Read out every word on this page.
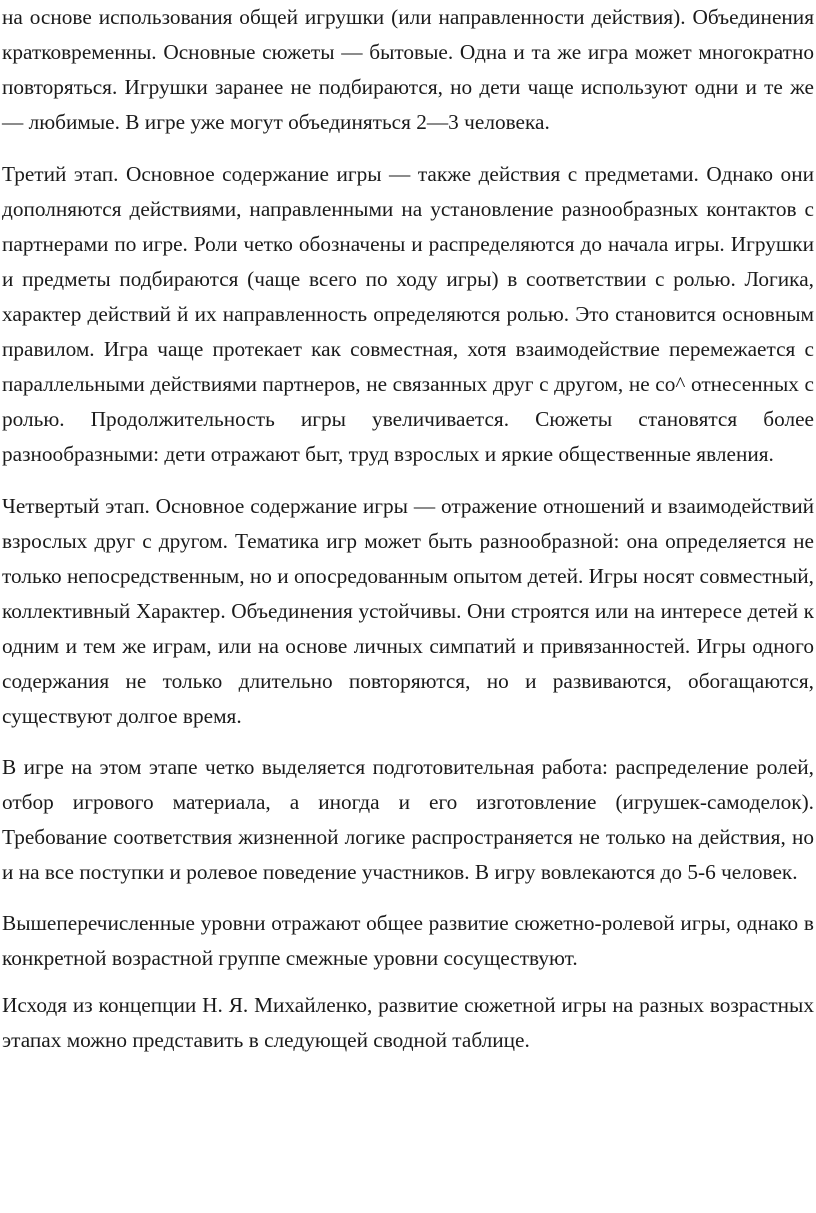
на основе использования общей игрушки (или направленности действия). Объединения кратковременны. Основные сюжеты — бытовые. Одна и та же игра может многократно повторяться. Игрушки заранее не подбираются, но дети чаще используют одни и те же — любимые. В игре уже могут объединяться 2—3 человека.

Третий этап. Основное содержание игры — также действия с предметами. Однако они дополняются действиями, направленными на установление разнообразных контактов с партнерами по игре. Роли четко обозначены и распределяются до начала игры. Игрушки и предметы подбираются (чаще всего по ходу игры) в соответствии с ролью. Логика, характер действий й их направленность определяются ролью. Это становится основным правилом. Игра чаще протекает как совместная, хотя взаимодействие перемежается с параллельными действиями партнеров, не связанных друг с другом, не со^ отнесенных с ролью. Продолжительность игры увеличивается. Сюжеты становятся более разнообразными: дети отражают быт, труд взрослых и яркие общественные явления.

Четвертый этап. Основное содержание игры — отражение отношений и взаимодействий взрослых друг с другом. Тематика игр может быть разнообразной: она определяется не только непосредственным, но и опосредованным опытом детей. Игры носят совместный, коллективный Характер. Объединения устойчивы. Они строятся или на интересе детей к одним и тем же играм, или на основе личных симпатий и привязанностей. Игры одного содержания не только длительно повторяются, но и развиваются, обогащаются, существуют долгое время.

В игре на этом этапе четко выделяется подготовительная работа: распределение ролей, отбор игрового материала, а иногда и его изготовление (игрушек-самоделок). Требование соответствия жизненной логике распространяется не только на действия, но и на все поступки и ролевое поведение участников. В игру вовлекаются до 5-6 человек.

Вышеперечисленные уровни отражают общее развитие сюжетно-ролевой игры, однако в конкретной возрастной группе смежные уровни сосуществуют.

Исходя из концепции Н. Я. Михайленко, развитие сюжетной игры на разных возрастных этапах можно представить в следующей сводной таблице.
